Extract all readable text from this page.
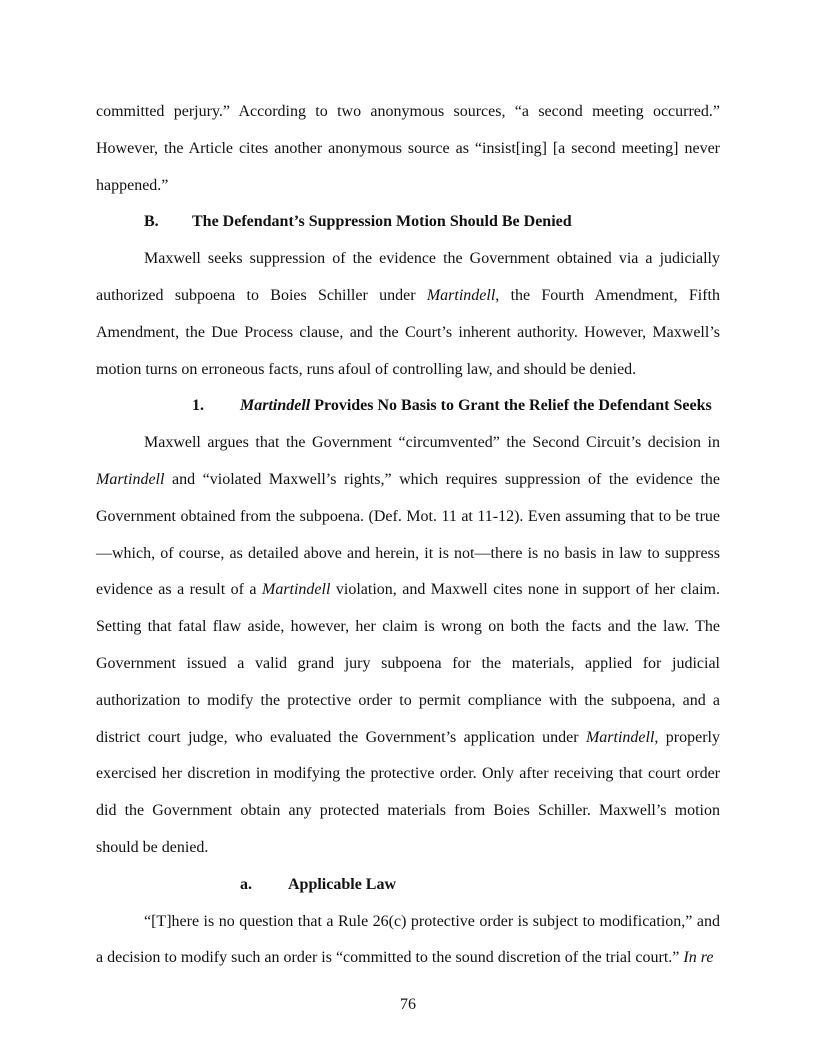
committed perjury.” According to two anonymous sources, “a second meeting occurred.” However, the Article cites another anonymous source as “insist[ing] [a second meeting] never happened.”

B. The Defendant’s Suppression Motion Should Be Denied

Maxwell seeks suppression of the evidence the Government obtained via a judicially authorized subpoena to Boies Schiller under Martindell, the Fourth Amendment, Fifth Amendment, the Due Process clause, and the Court’s inherent authority. However, Maxwell’s motion turns on erroneous facts, runs afoul of controlling law, and should be denied.

1. Martindell Provides No Basis to Grant the Relief the Defendant Seeks

Maxwell argues that the Government “circumvented” the Second Circuit’s decision in Martindell and “violated Maxwell’s rights,” which requires suppression of the evidence the Government obtained from the subpoena. (Def. Mot. 11 at 11-12). Even assuming that to be true—which, of course, as detailed above and herein, it is not—there is no basis in law to suppress evidence as a result of a Martindell violation, and Maxwell cites none in support of her claim. Setting that fatal flaw aside, however, her claim is wrong on both the facts and the law. The Government issued a valid grand jury subpoena for the materials, applied for judicial authorization to modify the protective order to permit compliance with the subpoena, and a district court judge, who evaluated the Government’s application under Martindell, properly exercised her discretion in modifying the protective order. Only after receiving that court order did the Government obtain any protected materials from Boies Schiller. Maxwell’s motion should be denied.

a. Applicable Law

“[T]here is no question that a Rule 26(c) protective order is subject to modification,” and a decision to modify such an order is “committed to the sound discretion of the trial court.” In re

76
